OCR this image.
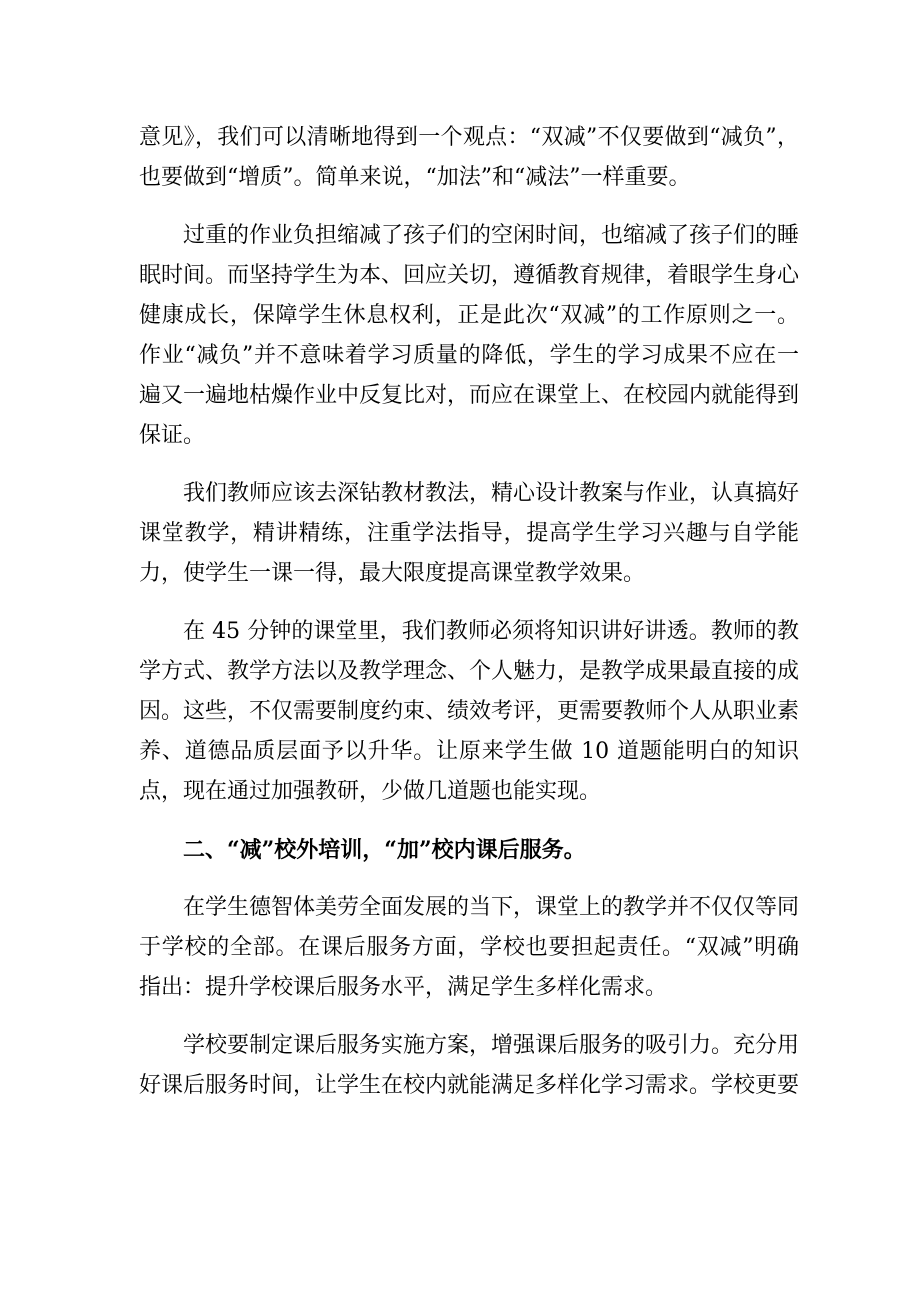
意见》，我们可以清晰地得到一个观点：“双减”不仅要做到“减负”，也要做到“增质”。简单来说，“加法”和“减法”一样重要。

过重的作业负担缩减了孩子们的空闲时间，也缩减了孩子们的睡眠时间。而坚持学生为本、回应关切，遵循教育规律，着眼学生身心健康成长，保障学生休息权利，正是此次“双减”的工作原则之一。作业“减负”并不意味着学习质量的降低，学生的学习成果不应在一遍又一遍地枯燥作业中反复比对，而应在课堂上、在校园内就能得到保证。

我们教师应该去深钻教材教法，精心设计教案与作业，认真搞好课堂教学，精讲精练，注重学法指导，提高学生学习兴趣与自学能力，使学生一课一得，最大限度提高课堂教学效果。

在 45 分钟的课堂里，我们教师必须将知识讲好讲透。教师的教学方式、教学方法以及教学理念、个人魅力，是教学成果最直接的成因。这些，不仅需要制度约束、绩效考评，更需要教师个人从职业素养、道德品质层面予以升华。让原来学生做 10 道题能明白的知识点，现在通过加强教研，少做几道题也能实现。

二、“减”校外培训，“加”校内课后服务。

在学生德智体美劳全面发展的当下，课堂上的教学并不仅仅等同于学校的全部。在课后服务方面，学校也要担起责任。“双减”明确指出：提升学校课后服务水平，满足学生多样化需求。

学校要制定课后服务实施方案，增强课后服务的吸引力。充分用好课后服务时间，让学生在校内就能满足多样化学习需求。学校更要
